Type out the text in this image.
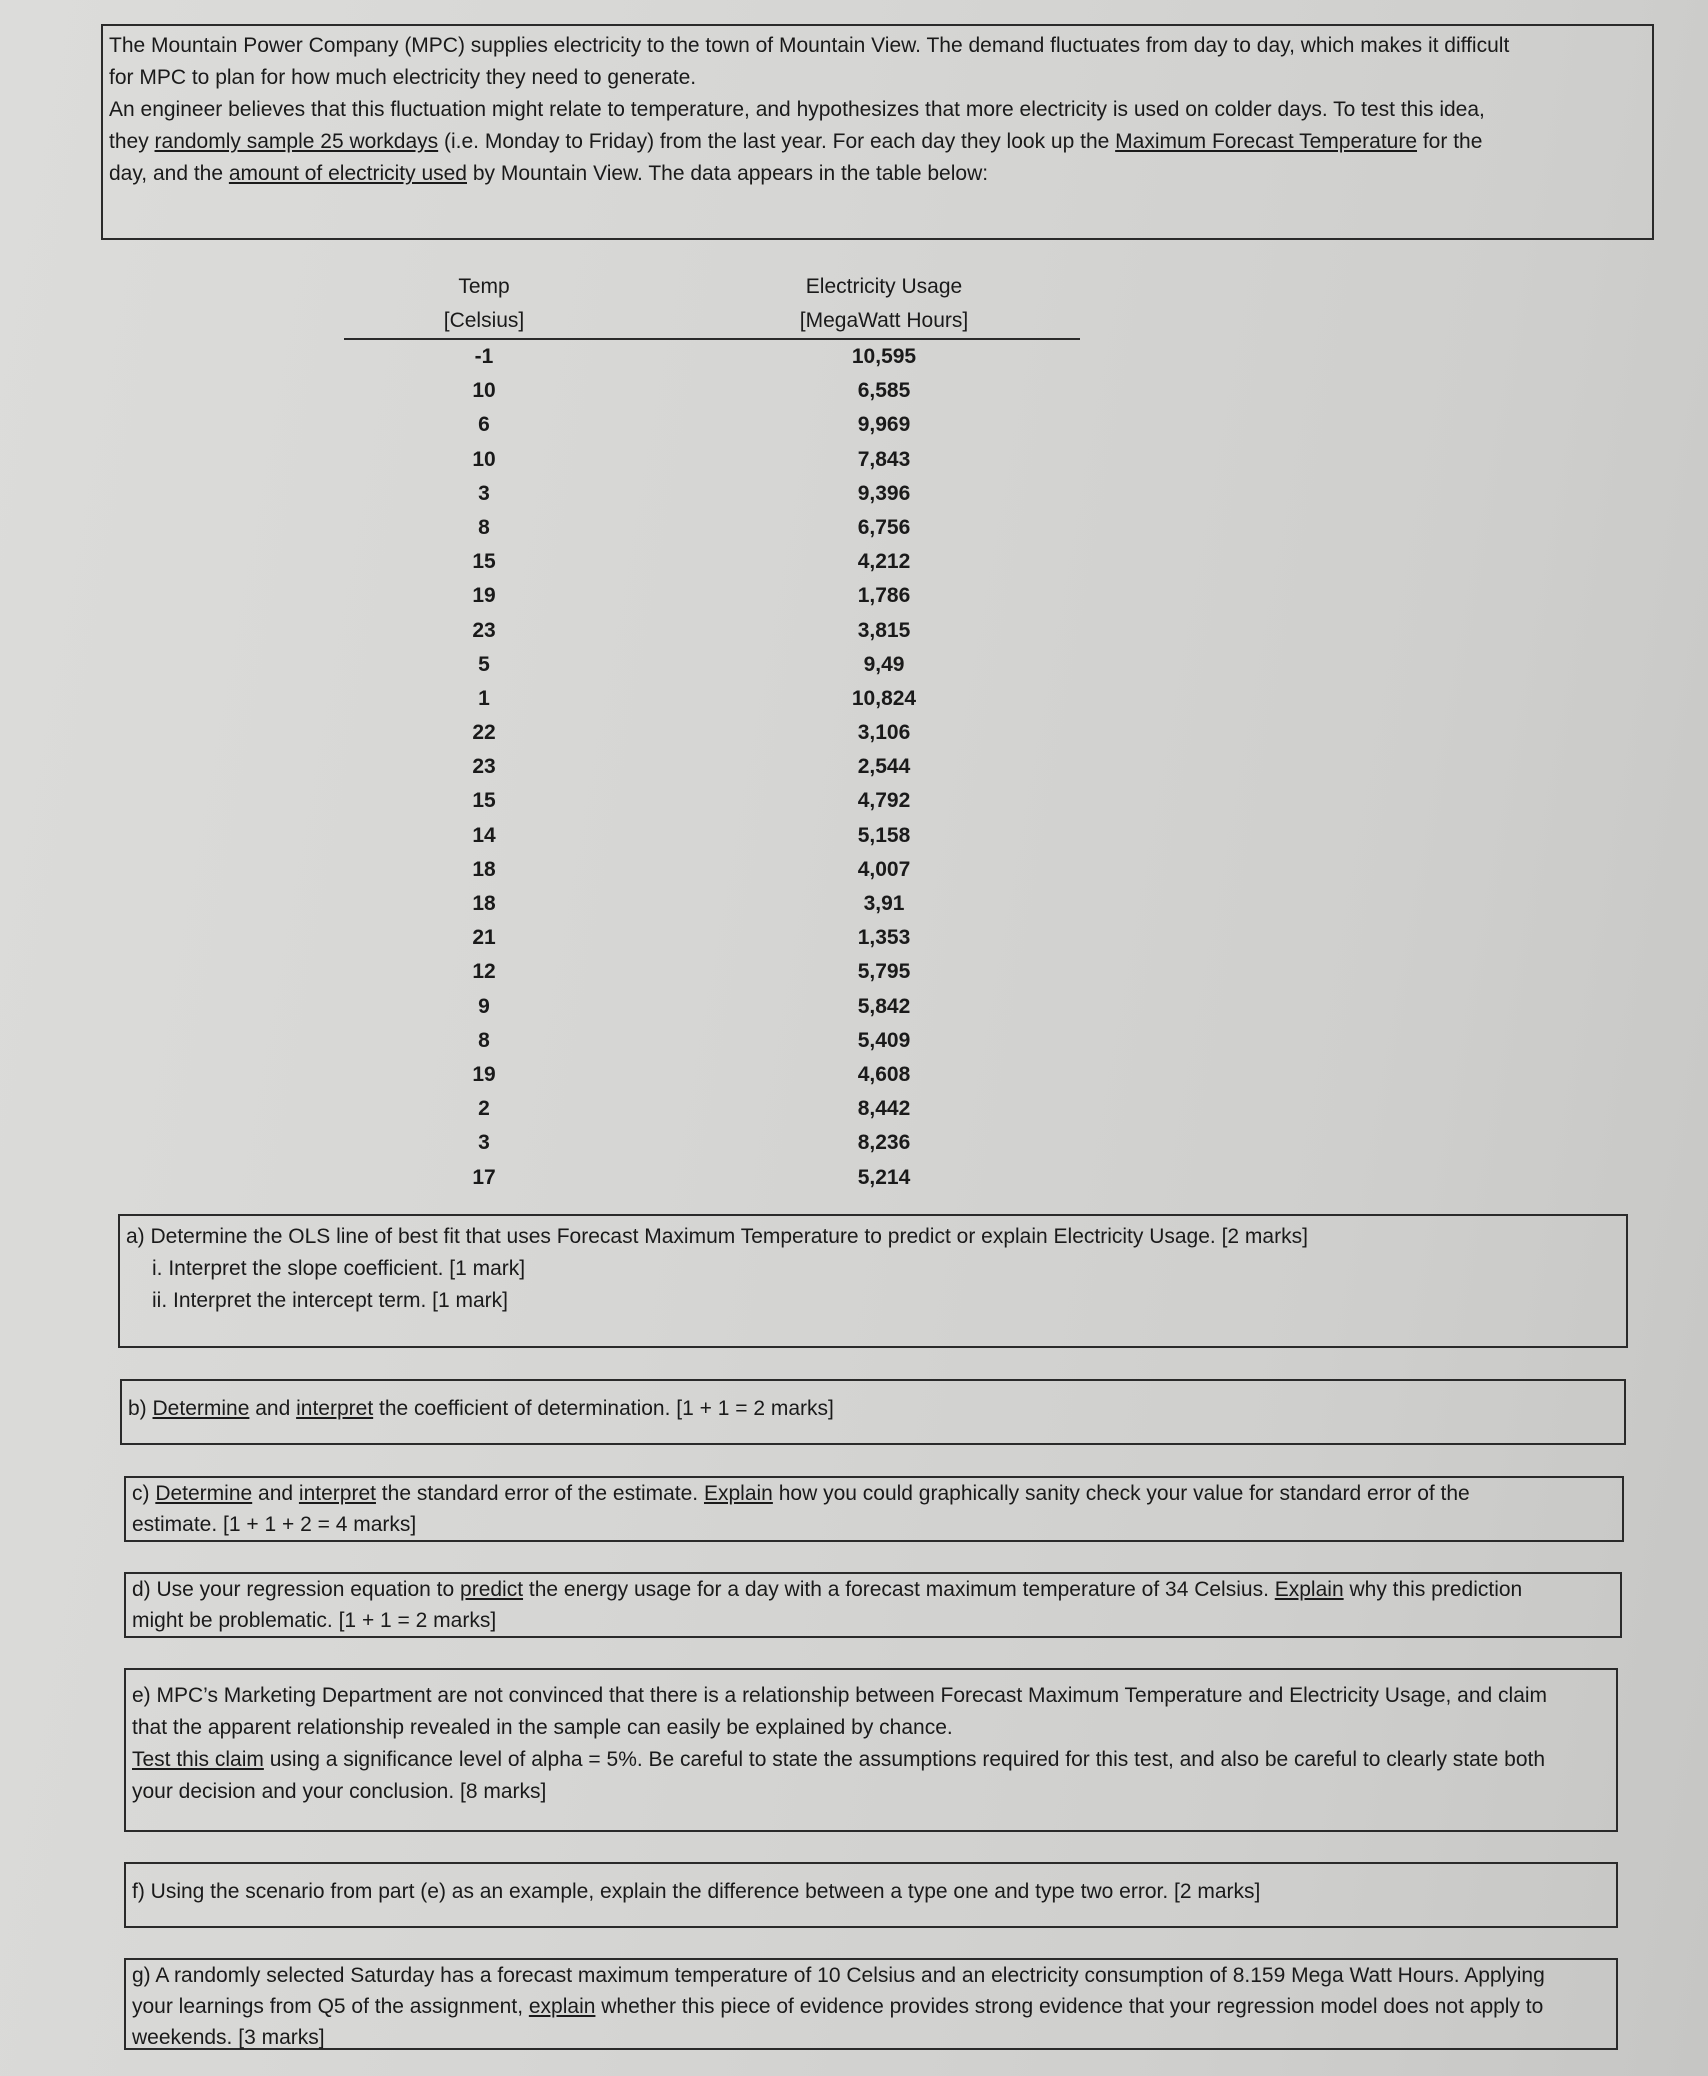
The Mountain Power Company (MPC) supplies electricity to the town of Mountain View. The demand fluctuates from day to day, which makes it difficult

for MPC to plan for how much electricity they need to generate.

An engineer believes that this fluctuation might relate to temperature, and hypothesizes that more electricity is used on colder days. To test this idea,

they randomly sample 25 workdays (i.e. Monday to Friday) from the last year. For each day they look up the Maximum Forecast Temperature for the

day, and the amount of electricity used by Mountain View. The data appears in the table below:

Temp
[Celsius]
Electricity Usage
[MegaWatt Hours]
-1	10,595
10	6,585
6	9,969
10	7,843
3	9,396
8	6,756
15	4,212
19	1,786
23	3,815
5	9,49
1	10,824
22	3,106
23	2,544
15	4,792
14	5,158
18	4,007
18	3,91
21	1,353
12	5,795
9	5,842
8	5,409
19	4,608
2	8,442
3	8,236
17	5,214

a) Determine the OLS line of best fit that uses Forecast Maximum Temperature to predict or explain Electricity Usage. [2 marks]

i. Interpret the slope coefficient. [1 mark]

ii. Interpret the intercept term. [1 mark]

b) Determine and interpret the coefficient of determination. [1 + 1 = 2 marks]

c) Determine and interpret the standard error of the estimate. Explain how you could graphically sanity check your value for standard error of the

estimate. [1 + 1 + 2 = 4 marks]

d) Use your regression equation to predict the energy usage for a day with a forecast maximum temperature of 34 Celsius. Explain why this prediction

might be problematic. [1 + 1 = 2 marks]

e) MPC’s Marketing Department are not convinced that there is a relationship between Forecast Maximum Temperature and Electricity Usage, and claim

that the apparent relationship revealed in the sample can easily be explained by chance.

Test this claim using a significance level of alpha = 5%. Be careful to state the assumptions required for this test, and also be careful to clearly state both

your decision and your conclusion. [8 marks]

f) Using the scenario from part (e) as an example, explain the difference between a type one and type two error. [2 marks]

g) A randomly selected Saturday has a forecast maximum temperature of 10 Celsius and an electricity consumption of 8.159 Mega Watt Hours. Applying

your learnings from Q5 of the assignment, explain whether this piece of evidence provides strong evidence that your regression model does not apply to

weekends. [3 marks]
